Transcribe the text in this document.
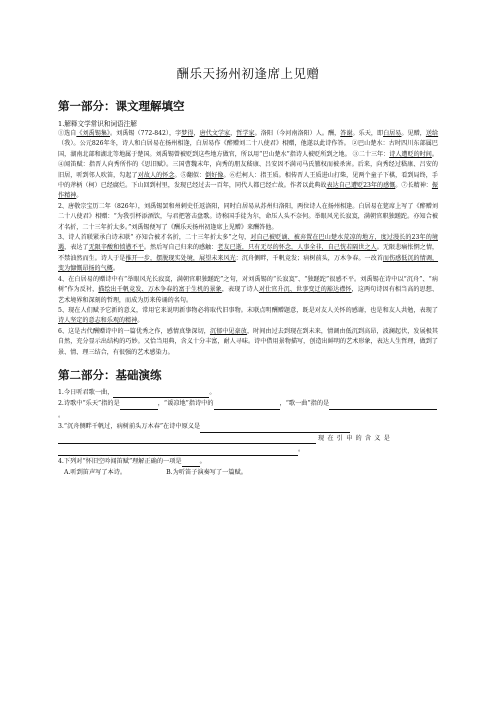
酬乐天扬州初逢席上见赠
第一部分：课文理解填空
1.解释文学常识和词语注解

①选自《刘禹锡集》。刘禹锡（772-842），字梦得，唐代文学家，哲学家。洛阳（今河南洛阳）人。酬，答谢。乐天，即白居易。见赠，送给（我）。公元826年冬，诗人和白居易在扬州相逢，白居易作《醉赠刘二十八使君》相赠，他遂以此诗作答。 ②巴山楚水：古时四川东部属巴国，湖南北部和湖北等地属于楚国。刘禹锡曾被贬到这些地方做官，所以用“巴山楚水”指诗人被贬所到之地。 ③二十三年：诗人遭贬的时间。 ④闻笛赋：指晋人向秀所作的《思旧赋》。三国曹魏末年，向秀的朋友嵇康、吕安因不满司马氏篡权而被杀害。后来，向秀经过嵇康、吕安的旧居，听到邻人吹笛，勾起了对故人的怀念。⑤翻似：倒好像。⑥烂柯人：指王质。相传晋人王质进山打柴，见两个童子下棋，看到局终，手中的斧柄（柯）已经腐烂。下山回到村里，发现已经过去一百年，同代人都已经亡故。作者以此典故表达自己遭贬23年的感慨。⑦长精神：振作精神。

2、唐敬宗宝历二年（826年），刘禹锡罢和州刺史任返洛阳，同时白居易从苏州归洛阳，两位诗人在扬州相逢。白居易在筵席上写了《醉赠刘二十八使君》相赠：“为我引杯添酒饮，与君把箸击盘歌。诗称国手徒为尔，命压人头不奈何。举眼风光长寂寞，满朝官职独蹉跎。亦知合被才名折，二十三年折太多。”刘禹锡便写了《酬乐天扬州初逢席上见赠》来酬答他。

3、诗人首联紧承白诗末联“ 亦知合被才名折，二十三年折太多”之句，对自己被贬谪、被弃置在巴山楚水荒凉的地方，度过漫长的23年的境遇，表达了无限辛酸和愤懑不平。然后写自己归来的感触：老友已逝，只有无尽的怀念，人事全非，自己恍若隔世之人。无限悲痛怅惘之情，不禁油然而生。诗人于是推开一步，摆脱现实处境，展望未来风光：沉舟侧畔，千帆竞发；病树前头，万木争春。一改首而伤感低沉的情调，变为慷慨昂扬的气概。

4、在白居易的赠诗中有“举眼风光长寂寞，满朝官职独蹉跎”之句，对刘禹锡的“长寂寞”、“独蹉跎”很感不平。刘禹锡在诗中以“沉舟”、“病树”作为反衬，描绘出千帆竞发、万木争春的富于生机的景象，表现了诗人对仕官升沉、世事变迁的豁达襟怀，这两句诗因有相当高的思想、艺术境界和深刻的哲理，而成为历来传诵的名句。

5、现在人们赋予它新的意义，常用它来说明新事物必将取代旧事物。末联点明酬赠题意，既是对友人关怀的感谢，也是和友人共勉，表现了诗人坚定的意志和乐观的精神。

6、这是古代酬赠诗中的一篇优秀之作，感情真挚深切，沉郁中见豪放，时间由过去到现在到未来，情调由低沉到高昂，波澜起伏，发展极其自然，充分显示出结构的巧妙。又恰当用典，含义十分丰富，耐人寻味。诗中借用景物描写，创造出鲜明的艺术形象，表达人生哲理，做到了景、情、理三结合，有很强的艺术感染力。

第二部分：基础演练

1.今日听君歌一曲，	。

2.诗歌中“乐天”指的是	，“谖凉地”指诗中的	，“歌一曲”指的是。

3.“沉舟侧畔千帆过，病树前头万木春”在诗中原义是
现在引申的含义是
。

4.下列对“怀旧空吟闻笛赋”理解正确的一项是	。

A.听到笛声写了本诗。	B.为听笛子演奏写了一篇赋。
